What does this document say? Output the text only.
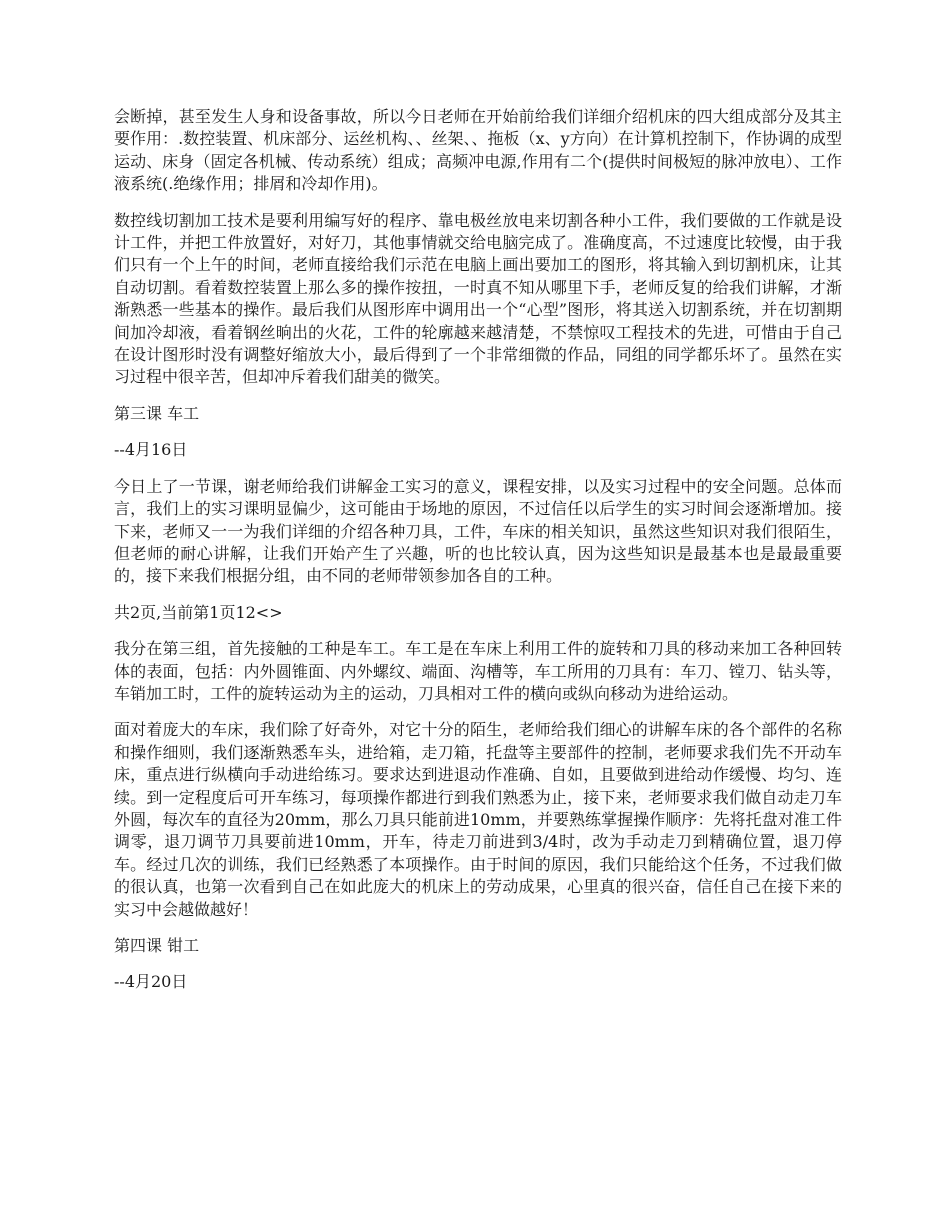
会断掉，甚至发生人身和设备事故，所以今日老师在开始前给我们详细介绍机床的四大组成部分及其主要作用：.数控装置、机床部分、运丝机构、、丝架、、拖板（x、y方向）在计算机控制下，作协调的成型运动、床身（固定各机械、传动系统）组成；高频冲电源,作用有二个(提供时间极短的脉冲放电）、工作液系统(.绝缘作用；排屑和冷却作用)。

数控线切割加工技术是要利用编写好的程序、靠电极丝放电来切割各种小工件，我们要做的工作就是设计工件，并把工件放置好，对好刀，其他事情就交给电脑完成了。准确度高，不过速度比较慢，由于我们只有一个上午的时间，老师直接给我们示范在电脑上画出要加工的图形，将其输入到切割机床，让其自动切割。看着数控装置上那么多的操作按扭，一时真不知从哪里下手，老师反复的给我们讲解，才渐渐熟悉一些基本的操作。最后我们从图形库中调用出一个“心型”图形，将其送入切割系统，并在切割期间加冷却液，看着钢丝晌出的火花，工件的轮廓越来越清楚，不禁惊叹工程技术的先进，可惜由于自己在设计图形时没有调整好缩放大小，最后得到了一个非常细微的作品，同组的同学都乐坏了。虽然在实习过程中很辛苦，但却冲斥着我们甜美的微笑。

第三课 车工

--4月16日

今日上了一节课，谢老师给我们讲解金工实习的意义，课程安排，以及实习过程中的安全问题。总体而言，我们上的实习课明显偏少，这可能由于场地的原因，不过信任以后学生的实习时间会逐渐增加。接下来，老师又一一为我们详细的介绍各种刀具，工件，车床的相关知识，虽然这些知识对我们很陌生，但老师的耐心讲解，让我们开始产生了兴趣，听的也比较认真，因为这些知识是最基本也是最最重要的，接下来我们根据分组，由不同的老师带领参加各自的工种。

共2页,当前第1页12<>

我分在第三组，首先接触的工种是车工。车工是在车床上利用工件的旋转和刀具的移动来加工各种回转体的表面，包括：内外圆锥面、内外螺纹、端面、沟槽等，车工所用的刀具有：车刀、镗刀、钻头等，车销加工时，工件的旋转运动为主的运动，刀具相对工件的横向或纵向移动为进给运动。

面对着庞大的车床，我们除了好奇外，对它十分的陌生，老师给我们细心的讲解车床的各个部件的名称和操作细则，我们逐渐熟悉车头，进给箱，走刀箱，托盘等主要部件的控制，老师要求我们先不开动车床，重点进行纵横向手动进给练习。要求达到进退动作准确、自如，且要做到进给动作缓慢、均匀、连续。到一定程度后可开车练习，每项操作都进行到我们熟悉为止，接下来，老师要求我们做自动走刀车外圆，每次车的直径为20mm，那么刀具只能前进10mm，并要熟练掌握操作顺序：先将托盘对准工件调零，退刀调节刀具要前进10mm，开车，待走刀前进到3/4时，改为手动走刀到精确位置，退刀停车。经过几次的训练，我们已经熟悉了本项操作。由于时间的原因，我们只能给这个任务，不过我们做的很认真，也第一次看到自己在如此庞大的机床上的劳动成果，心里真的很兴奋，信任自己在接下来的实习中会越做越好！

第四课 钳工

--4月20日
